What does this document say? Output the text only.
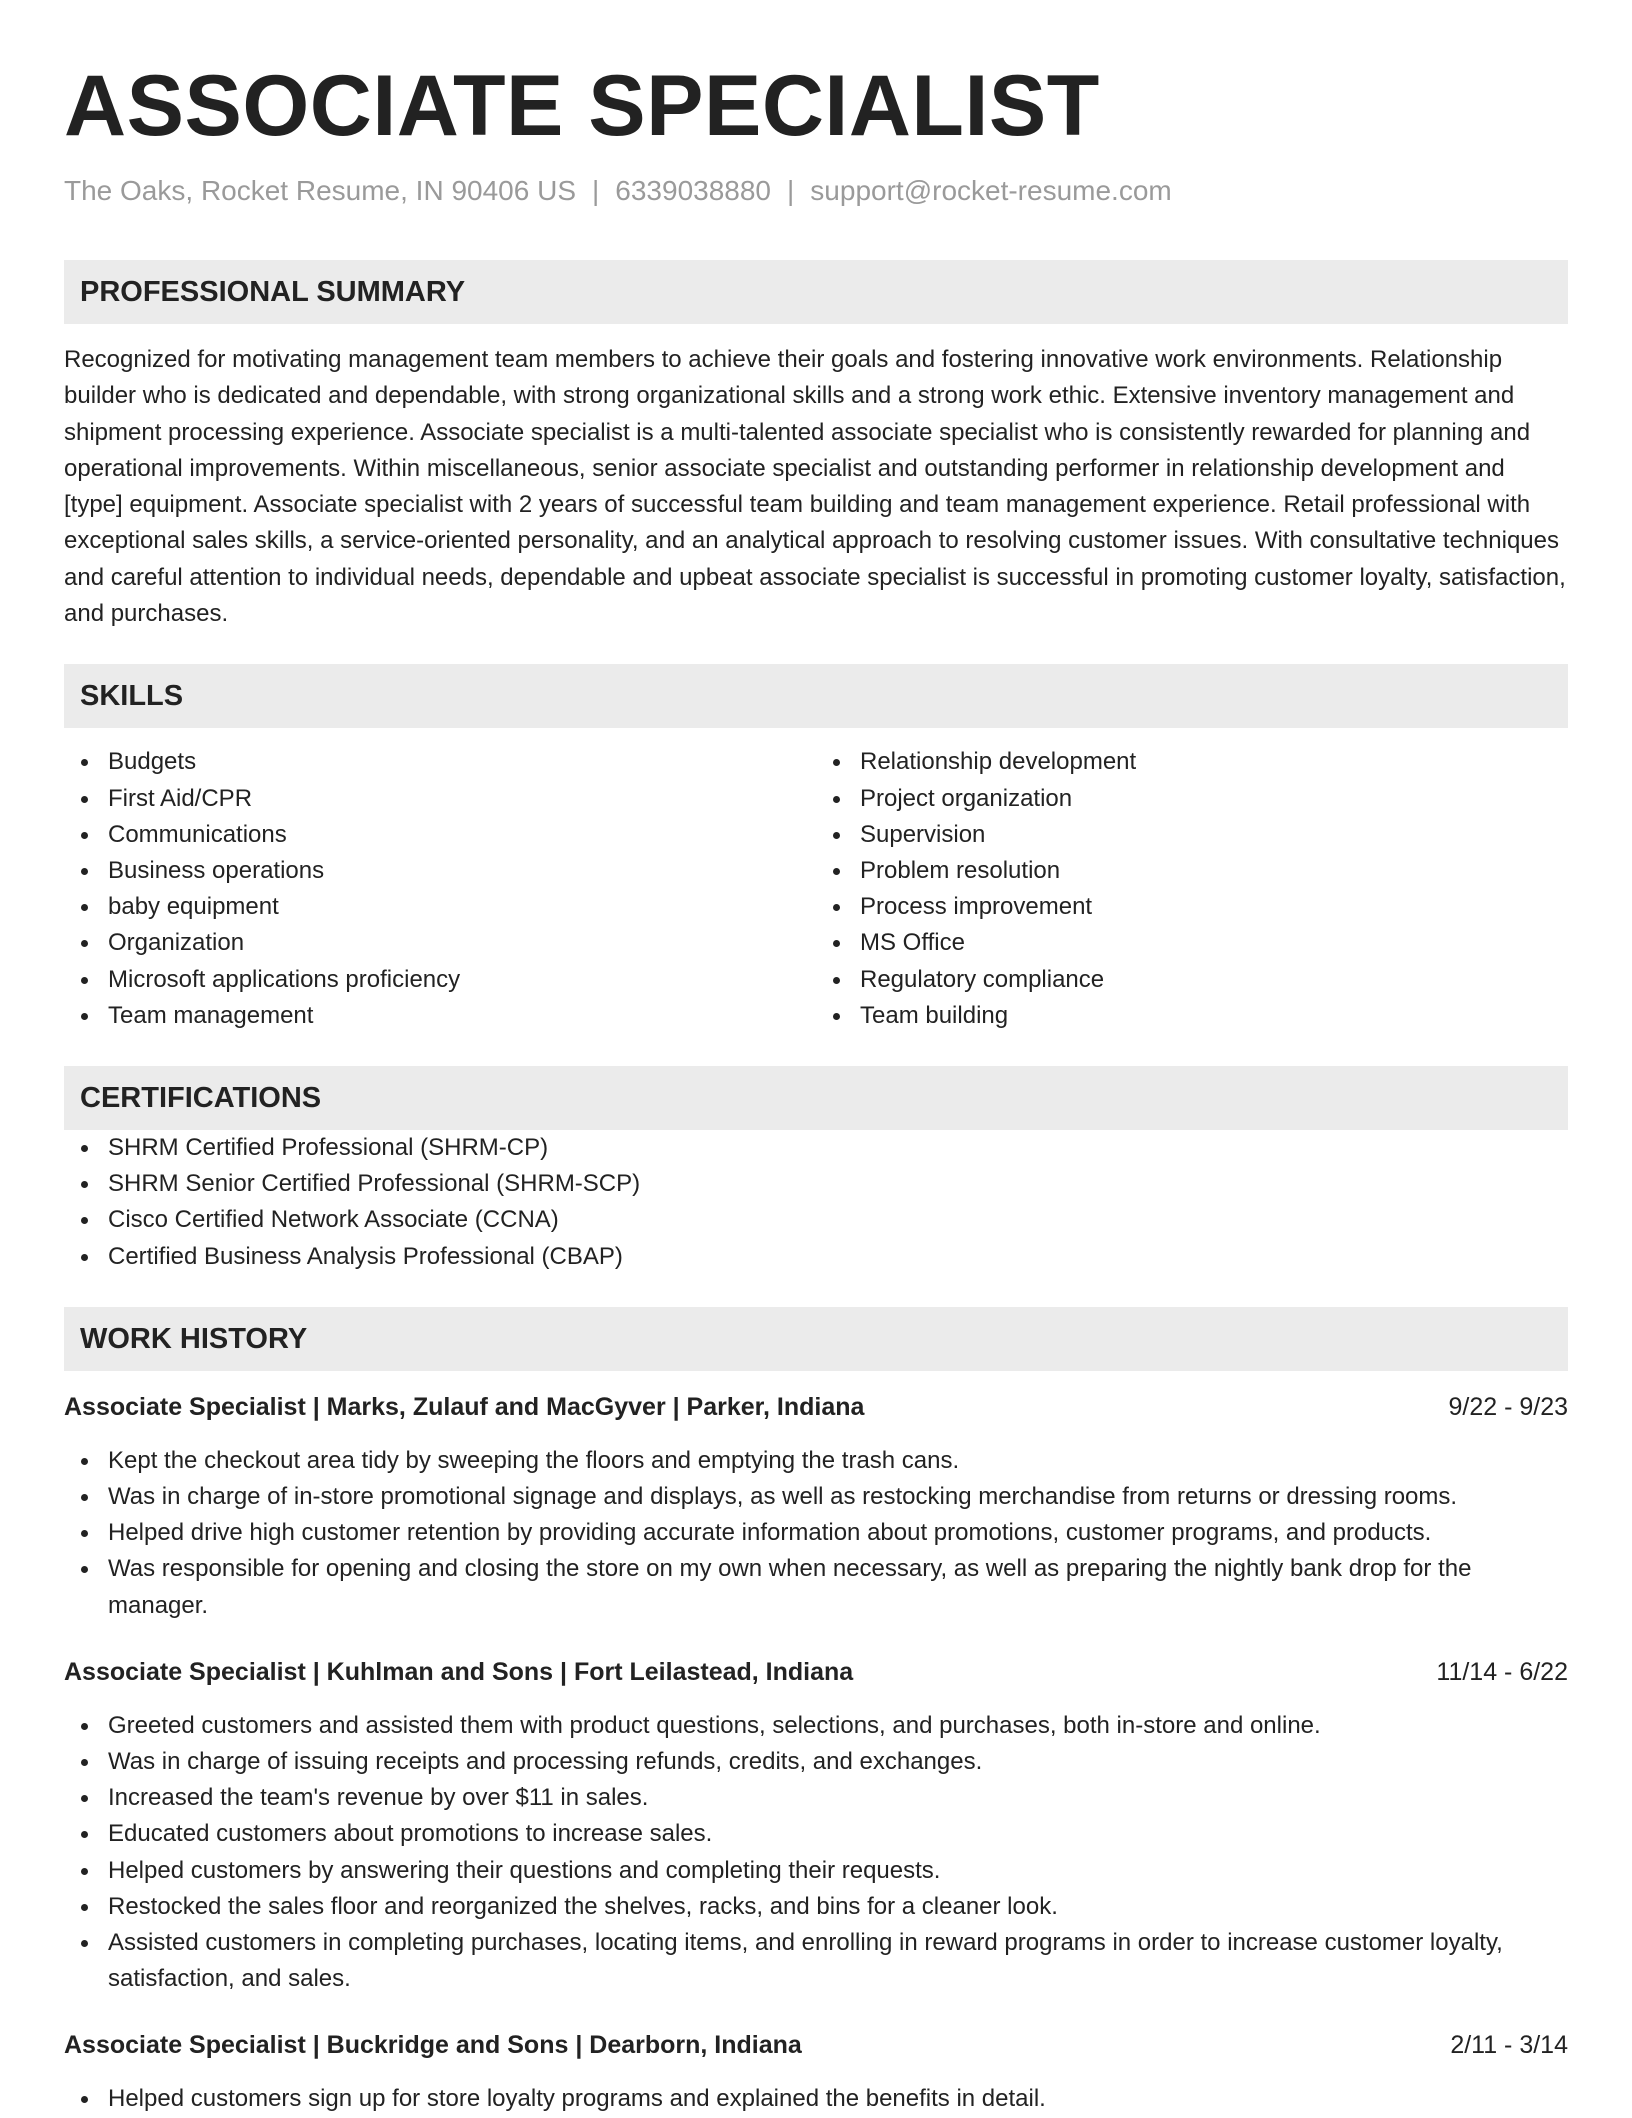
ASSOCIATE SPECIALIST
The Oaks, Rocket Resume, IN 90406 US | 6339038880 | support@rocket-resume.com
PROFESSIONAL SUMMARY

Recognized for motivating management team members to achieve their goals and fostering innovative work environments. Relationship builder who is dedicated and dependable, with strong organizational skills and a strong work ethic. Extensive inventory management and shipment processing experience. Associate specialist is a multi-talented associate specialist who is consistently rewarded for planning and operational improvements. Within miscellaneous, senior associate specialist and outstanding performer in relationship development and [type] equipment. Associate specialist with 2 years of successful team building and team management experience. Retail professional with exceptional sales skills, a service-oriented personality, and an analytical approach to resolving customer issues. With consultative techniques and careful attention to individual needs, dependable and upbeat associate specialist is successful in promoting customer loyalty, satisfaction, and purchases.

SKILLS
Budgets
First Aid/CPR
Communications
Business operations
baby equipment
Organization
Microsoft applications proficiency
Team management
Relationship development
Project organization
Supervision
Problem resolution
Process improvement
MS Office
Regulatory compliance
Team building
CERTIFICATIONS
SHRM Certified Professional (SHRM-CP)
SHRM Senior Certified Professional (SHRM-SCP)
Cisco Certified Network Associate (CCNA)
Certified Business Analysis Professional (CBAP)
WORK HISTORY
Associate Specialist | Marks, Zulauf and MacGyver | Parker, Indiana	9/22 - 9/23
Kept the checkout area tidy by sweeping the floors and emptying the trash cans.
Was in charge of in-store promotional signage and displays, as well as restocking merchandise from returns or dressing rooms.
Helped drive high customer retention by providing accurate information about promotions, customer programs, and products.
Was responsible for opening and closing the store on my own when necessary, as well as preparing the nightly bank drop for the manager.
Associate Specialist | Kuhlman and Sons | Fort Leilastead, Indiana	11/14 - 6/22
Greeted customers and assisted them with product questions, selections, and purchases, both in-store and online.
Was in charge of issuing receipts and processing refunds, credits, and exchanges.
Increased the team's revenue by over $11 in sales.
Educated customers about promotions to increase sales.
Helped customers by answering their questions and completing their requests.
Restocked the sales floor and reorganized the shelves, racks, and bins for a cleaner look.
Assisted customers in completing purchases, locating items, and enrolling in reward programs in order to increase customer loyalty, satisfaction, and sales.
Associate Specialist | Buckridge and Sons | Dearborn, Indiana	2/11 - 3/14
Helped customers sign up for store loyalty programs and explained the benefits in detail.
